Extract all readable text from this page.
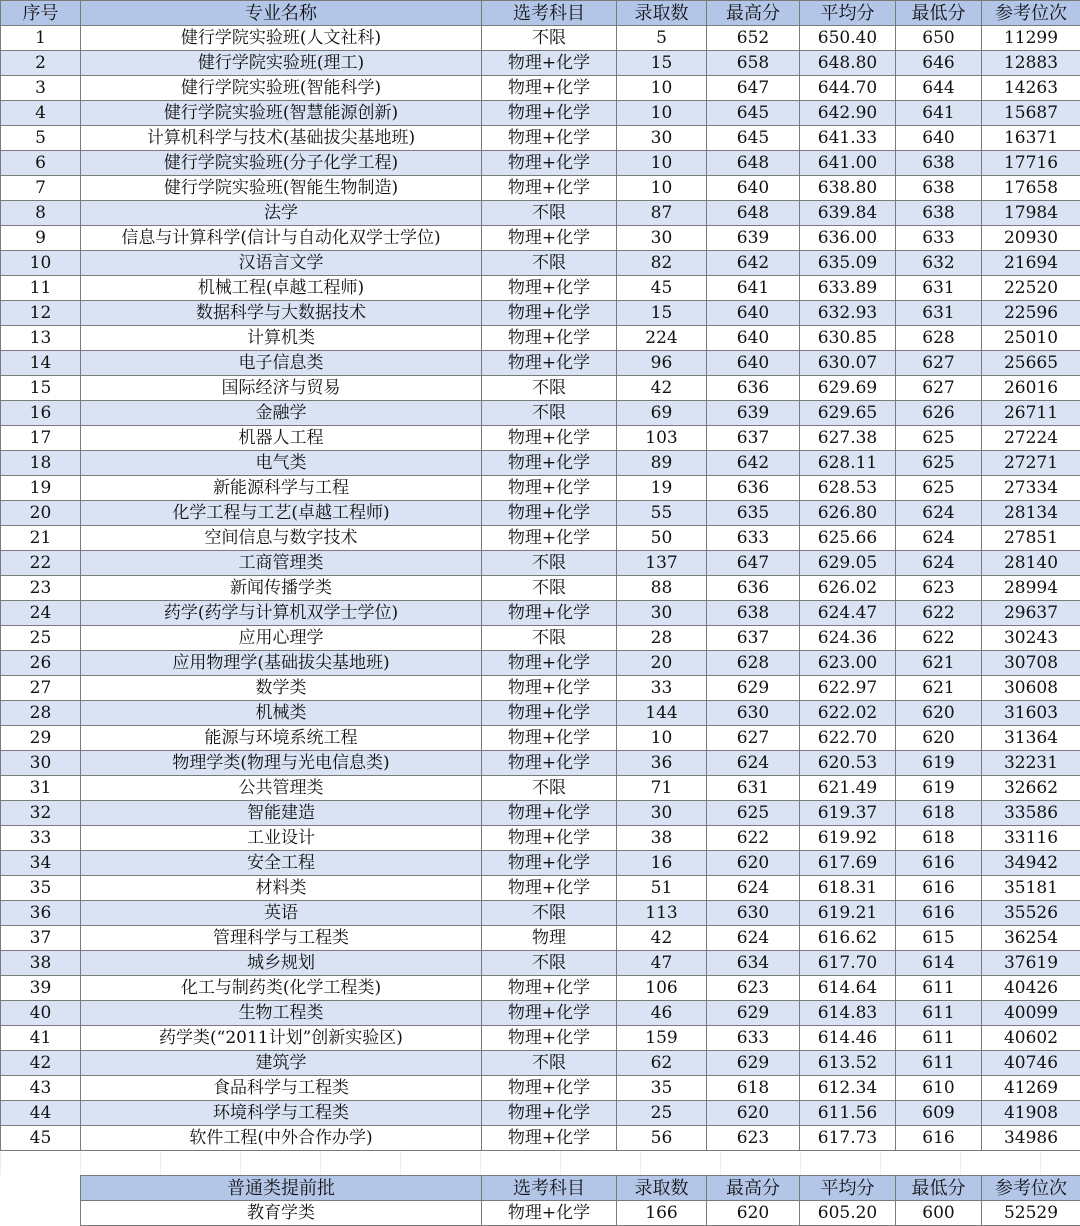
序号	专业名称	选考科目	录取数	最高分	平均分	最低分	参考位次
1	健行学院实验班(人文社科)	不限	5	652	650.40	650	11299
2	健行学院实验班(理工)	物理+化学	15	658	648.80	646	12883
3	健行学院实验班(智能科学)	物理+化学	10	647	644.70	644	14263
4	健行学院实验班(智慧能源创新)	物理+化学	10	645	642.90	641	15687
5	计算机科学与技术(基础拔尖基地班)	物理+化学	30	645	641.33	640	16371
6	健行学院实验班(分子化学工程)	物理+化学	10	648	641.00	638	17716
7	健行学院实验班(智能生物制造)	物理+化学	10	640	638.80	638	17658
8	法学	不限	87	648	639.84	638	17984
9	信息与计算科学(信计与自动化双学士学位)	物理+化学	30	639	636.00	633	20930
10	汉语言文学	不限	82	642	635.09	632	21694
11	机械工程(卓越工程师)	物理+化学	45	641	633.89	631	22520
12	数据科学与大数据技术	物理+化学	15	640	632.93	631	22596
13	计算机类	物理+化学	224	640	630.85	628	25010
14	电子信息类	物理+化学	96	640	630.07	627	25665
15	国际经济与贸易	不限	42	636	629.69	627	26016
16	金融学	不限	69	639	629.65	626	26711
17	机器人工程	物理+化学	103	637	627.38	625	27224
18	电气类	物理+化学	89	642	628.11	625	27271
19	新能源科学与工程	物理+化学	19	636	628.53	625	27334
20	化学工程与工艺(卓越工程师)	物理+化学	55	635	626.80	624	28134
21	空间信息与数字技术	物理+化学	50	633	625.66	624	27851
22	工商管理类	不限	137	647	629.05	624	28140
23	新闻传播学类	不限	88	636	626.02	623	28994
24	药学(药学与计算机双学士学位)	物理+化学	30	638	624.47	622	29637
25	应用心理学	不限	28	637	624.36	622	30243
26	应用物理学(基础拔尖基地班)	物理+化学	20	628	623.00	621	30708
27	数学类	物理+化学	33	629	622.97	621	30608
28	机械类	物理+化学	144	630	622.02	620	31603
29	能源与环境系统工程	物理+化学	10	627	622.70	620	31364
30	物理学类(物理与光电信息类)	物理+化学	36	624	620.53	619	32231
31	公共管理类	不限	71	631	621.49	619	32662
32	智能建造	物理+化学	30	625	619.37	618	33586
33	工业设计	物理+化学	38	622	619.92	618	33116
34	安全工程	物理+化学	16	620	617.69	616	34942
35	材料类	物理+化学	51	624	618.31	616	35181
36	英语	不限	113	630	619.21	616	35526
37	管理科学与工程类	物理	42	624	616.62	615	36254
38	城乡规划	不限	47	634	617.70	614	37619
39	化工与制药类(化学工程类)	物理+化学	106	623	614.64	611	40426
40	生物工程类	物理+化学	46	629	614.83	611	40099
41	药学类(“2011计划”创新实验区)	物理+化学	159	633	614.46	611	40602
42	建筑学	不限	62	629	613.52	611	40746
43	食品科学与工程类	物理+化学	35	618	612.34	610	41269
44	环境科学与工程类	物理+化学	25	620	611.56	609	41908
45	软件工程(中外合作办学)	物理+化学	56	623	617.73	616	34986
普通类提前批	选考科目	录取数	最高分	平均分	最低分	参考位次
教育学类	物理+化学	166	620	605.20	600	52529
